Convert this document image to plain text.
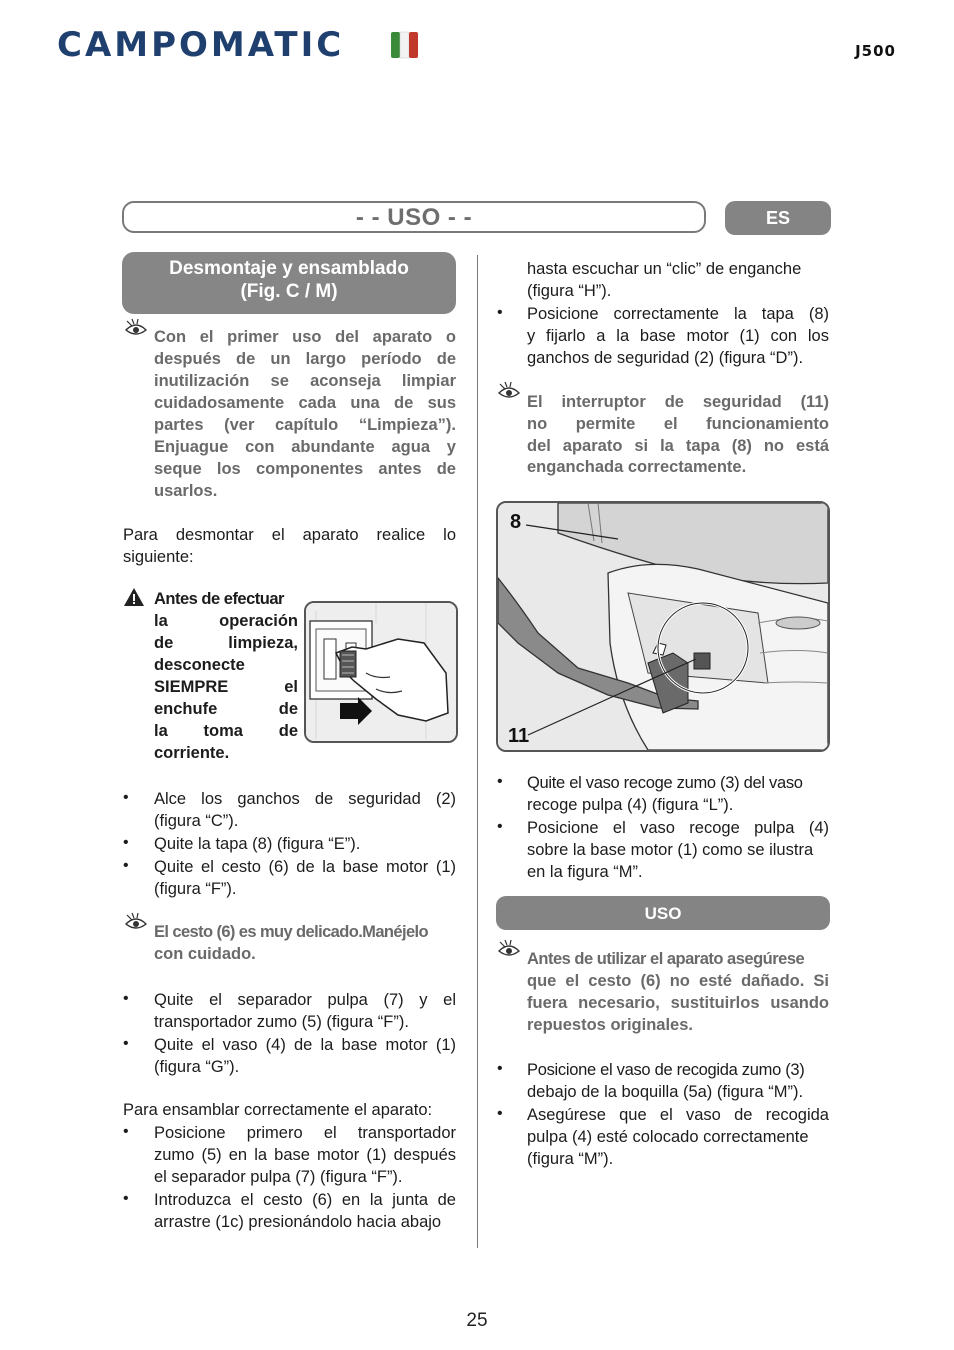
CAMPOMATIC	J500
- - USO - -	ES
Desmontaje y ensamblado
(Fig. C / M)
Con el primer uso del aparato o
después de un largo período de
inutilización se aconseja limpiar
cuidadosamente cada una de sus
partes (ver capítulo “Limpieza”).
Enjuague con abundante agua y
seque los componentes antes de
usarlos.
Para desmontar el aparato realice lo
siguiente:
Antes de efectuar
la operación
de limpieza,
desconecte
SIEMPRE el
enchufe de
la toma de
corriente.
• Alce los ganchos de seguridad (2)
(figura “C”).
• Quite la tapa (8) (figura “E”).
• Quite el cesto (6) de la base motor (1)
(figura “F”).
El cesto (6) es muy delicado.Manéjelo
con cuidado.
• Quite el separador pulpa (7) y el
transportador zumo (5) (figura “F”).
• Quite el vaso (4) de la base motor (1)
(figura “G”).
Para ensamblar correctamente el aparato:
• Posicione primero el transportador
zumo (5) en la base motor (1) después
el separador pulpa (7) (figura “F”).
• Introduzca el cesto (6) en la junta de
arrastre (1c) presionándolo hacia abajo
hasta escuchar un “clic” de enganche
(figura “H”).
• Posicione correctamente la tapa (8)
y fijarlo a la base motor (1) con los
ganchos de seguridad (2) (figura “D”).
El interruptor de seguridad (11)
no permite el funcionamiento
del aparato si la tapa (8) no está
enganchada correctamente.
8
11
• Quite el vaso recoge zumo (3) del vaso
recoge pulpa (4) (figura “L”).
• Posicione el vaso recoge pulpa (4)
sobre la base motor (1) como se ilustra
en la figura “M”.
USO
Antes de utilizar el aparato asegúrese
que el cesto (6) no esté dañado. Si
fuera necesario, sustituirlos usando
repuestos originales.
• Posicione el vaso de recogida zumo (3)
debajo de la boquilla (5a) (figura “M”).
• Asegúrese que el vaso de recogida
pulpa (4) esté colocado correctamente
(figura “M”).
25
